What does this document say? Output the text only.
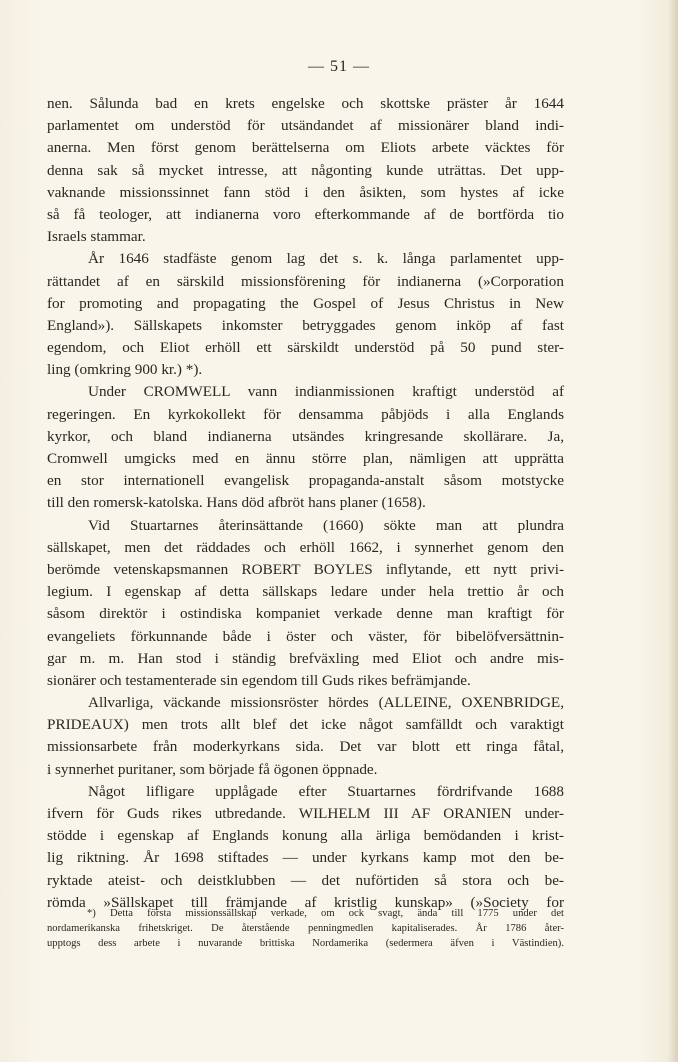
— 51 —
nen. Sålunda bad en krets engelske och skottske präster år 1644
parlamentet om understöd för utsändandet af missionärer bland indi-
anerna. Men först genom berättelserna om Eliots arbete väcktes för
denna sak så mycket intresse, att någonting kunde uträttas. Det upp-
vaknande missionssinnet fann stöd i den åsikten, som hystes af icke
så få teologer, att indianerna voro efterkommande af de bortförda tio
Israels stammar.
År 1646 stadfäste genom lag det s. k. långa parlamentet upp-
rättandet af en särskild missionsförening för indianerna (»Corporation
for promoting and propagating the Gospel of Jesus Christus in New
England»). Sällskapets inkomster betryggades genom inköp af fast
egendom, och Eliot erhöll ett särskildt understöd på 50 pund ster-
ling (omkring 900 kr.) *).
Under CROMWELL vann indianmissionen kraftigt understöd af
regeringen. En kyrkokollekt för densamma påbjöds i alla Englands
kyrkor, och bland indianerna utsändes kringresande skollärare. Ja,
Cromwell umgicks med en ännu större plan, nämligen att upprätta
en stor internationell evangelisk propaganda-anstalt såsom motstycke
till den romersk-katolska. Hans död afbröt hans planer (1658).
Vid Stuartarnes återinsättande (1660) sökte man att plundra
sällskapet, men det räddades och erhöll 1662, i synnerhet genom den
berömde vetenskapsmannen ROBERT BOYLES inflytande, ett nytt privi-
legium. I egenskap af detta sällskaps ledare under hela trettio år och
såsom direktör i ostindiska kompaniet verkade denne man kraftigt för
evangeliets förkunnande både i öster och väster, för bibelöfversättnin-
gar m. m. Han stod i ständig brefväxling med Eliot och andre mis-
sionärer och testamenterade sin egendom till Guds rikes befrämjande.
Allvarliga, väckande missionsröster hördes (ALLEINE, OXENBRIDGE,
PRIDEAUX) men trots allt blef det icke något samfälldt och varaktigt
missionsarbete från moderkyrkans sida. Det var blott ett ringa fåtal,
i synnerhet puritaner, som började få ögonen öppnade.
Något lifligare upplågade efter Stuartarnes fördrifvande 1688
ifvern för Guds rikes utbredande. WILHELM III AF ORANIEN under-
stödde i egenskap af Englands konung alla ärliga bemödanden i krist-
lig riktning. År 1698 stiftades — under kyrkans kamp mot den be-
ryktade ateist- och deistklubben — det nuförtiden så stora och be-
römda »Sällskapet till främjande af kristlig kunskap» (»Society for
*) Detta första missionssällskap verkade, om ock svagt, ända till 1775 under det
nordamerikanska frihetskriget. De återstående penningmedlen kapitaliserades. År 1786 åter-
upptogs dess arbete i nuvarande brittiska Nordamerika (sedermera äfven i Västindien).
